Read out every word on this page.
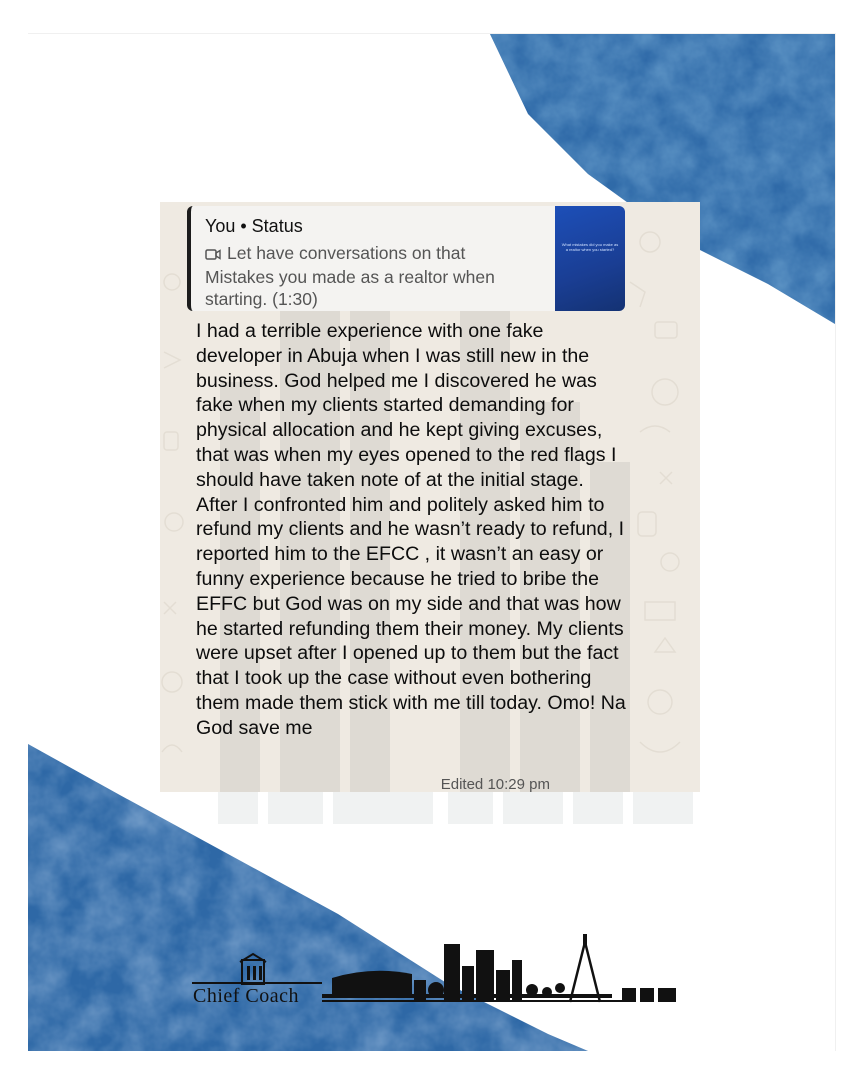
You • Status
Let have conversations on that Mistakes you made as a realtor when starting. (1:30)
What mistakes did you make as a realtor when you started?
I had a terrible experience with one fake developer in Abuja when I was still new in the business. God helped me I discovered he was fake when my clients started demanding for physical allocation and he kept giving excuses, that was when my eyes opened to the red flags I should have taken note of at the initial stage. After I confronted him and politely asked him to refund my clients and he wasn’t ready to refund, I reported him to the EFCC , it wasn’t an easy or funny experience because he tried to bribe the EFFC but God was on my side and that was how he started refunding them their money. My clients were upset after I opened up to them but the fact that I took up the case without even bothering them made them stick with me till today. Omo! Na God save me
Edited 10:29 pm
Chief Coach
